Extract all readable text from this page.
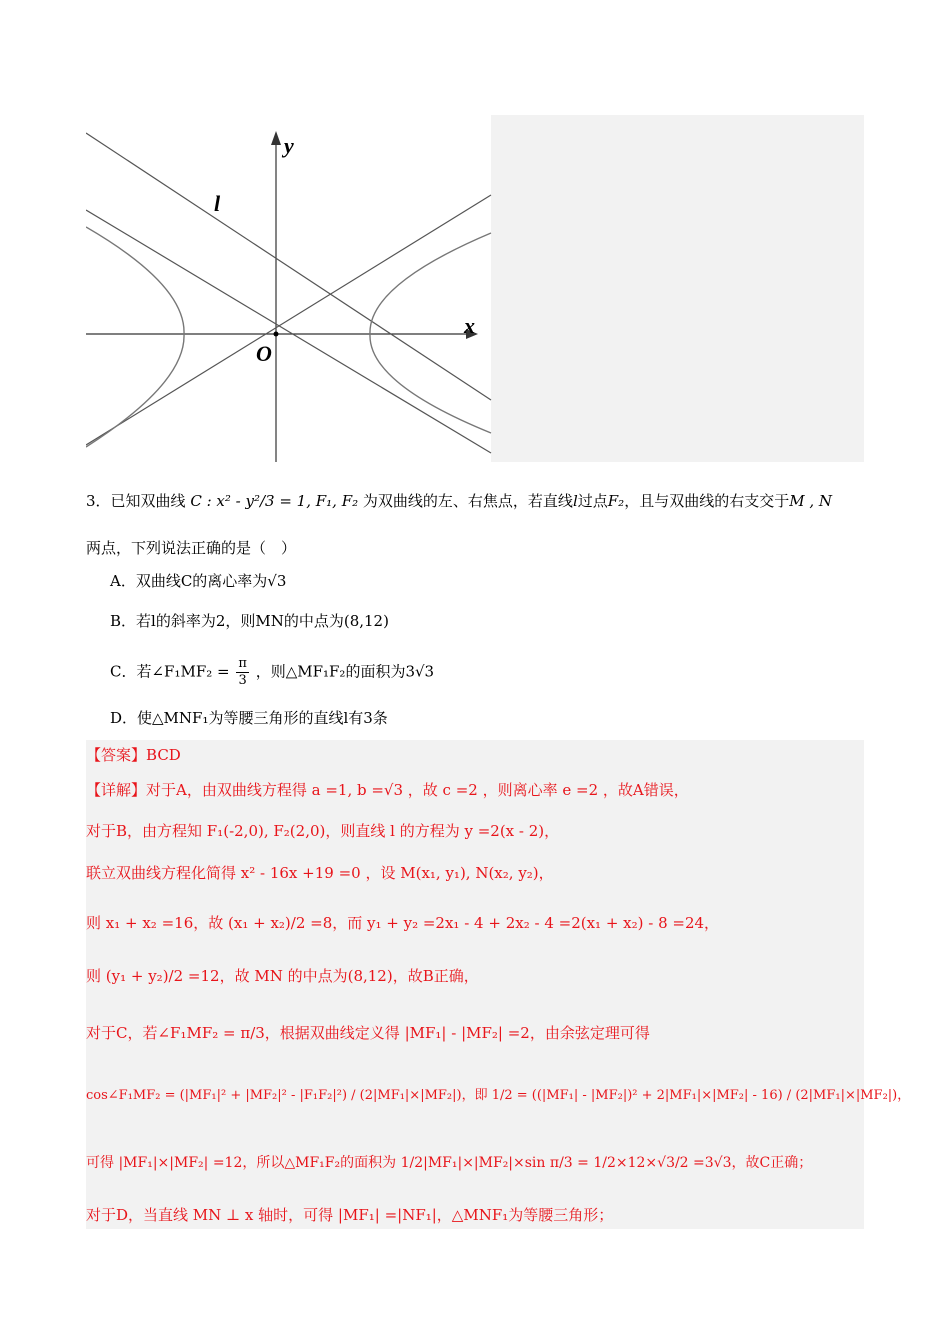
y
x
O
l
3．已知双曲线 C : x² - y²/3 = 1, F₁, F₂ 为双曲线的左、右焦点，若直线l过点F₂，且与双曲线的右支交于M , N
两点，下列说法正确的是（　）
A．双曲线C的离心率为√3
B．若l的斜率为2，则MN的中点为(8,12)
C．若∠F₁MF₂ = $\frac{\pi}{3}$ ，则△MF₁F₂的面积为3√3
D．使△MNF₁为等腰三角形的直线l有3条
【答案】BCD
【详解】对于A，由双曲线方程得 a =1, b =√3 ，故 c =2 ，则离心率 e =2 ，故A错误，
对于B，由方程知 F₁(-2,0), F₂(2,0)，则直线 l 的方程为 y =2(x - 2)，
联立双曲线方程化简得 x² - 16x +19 =0 ，设 M(x₁, y₁), N(x₂, y₂)，
则 x₁ + x₂ =16，故 (x₁ + x₂)/2 =8，而 y₁ + y₂ =2x₁ - 4 + 2x₂ - 4 =2(x₁ + x₂) - 8 =24，
则 (y₁ + y₂)/2 =12，故 MN 的中点为(8,12)，故B正确，
对于C，若∠F₁MF₂ = π/3，根据双曲线定义得 |MF₁| - |MF₂| =2，由余弦定理可得
cos∠F₁MF₂ = (|MF₁|² + |MF₂|² - |F₁F₂|²) / (2|MF₁|×|MF₂|)，即 1/2 = ((|MF₁| - |MF₂|)² + 2|MF₁|×|MF₂| - 16) / (2|MF₁|×|MF₂|)，
可得 |MF₁|×|MF₂| =12，所以△MF₁F₂的面积为 1/2|MF₁|×|MF₂|×sin π/3 = 1/2×12×√3/2 =3√3，故C正确；
对于D，当直线 MN ⊥ x 轴时，可得 |MF₁| =|NF₁|，△MNF₁为等腰三角形；
